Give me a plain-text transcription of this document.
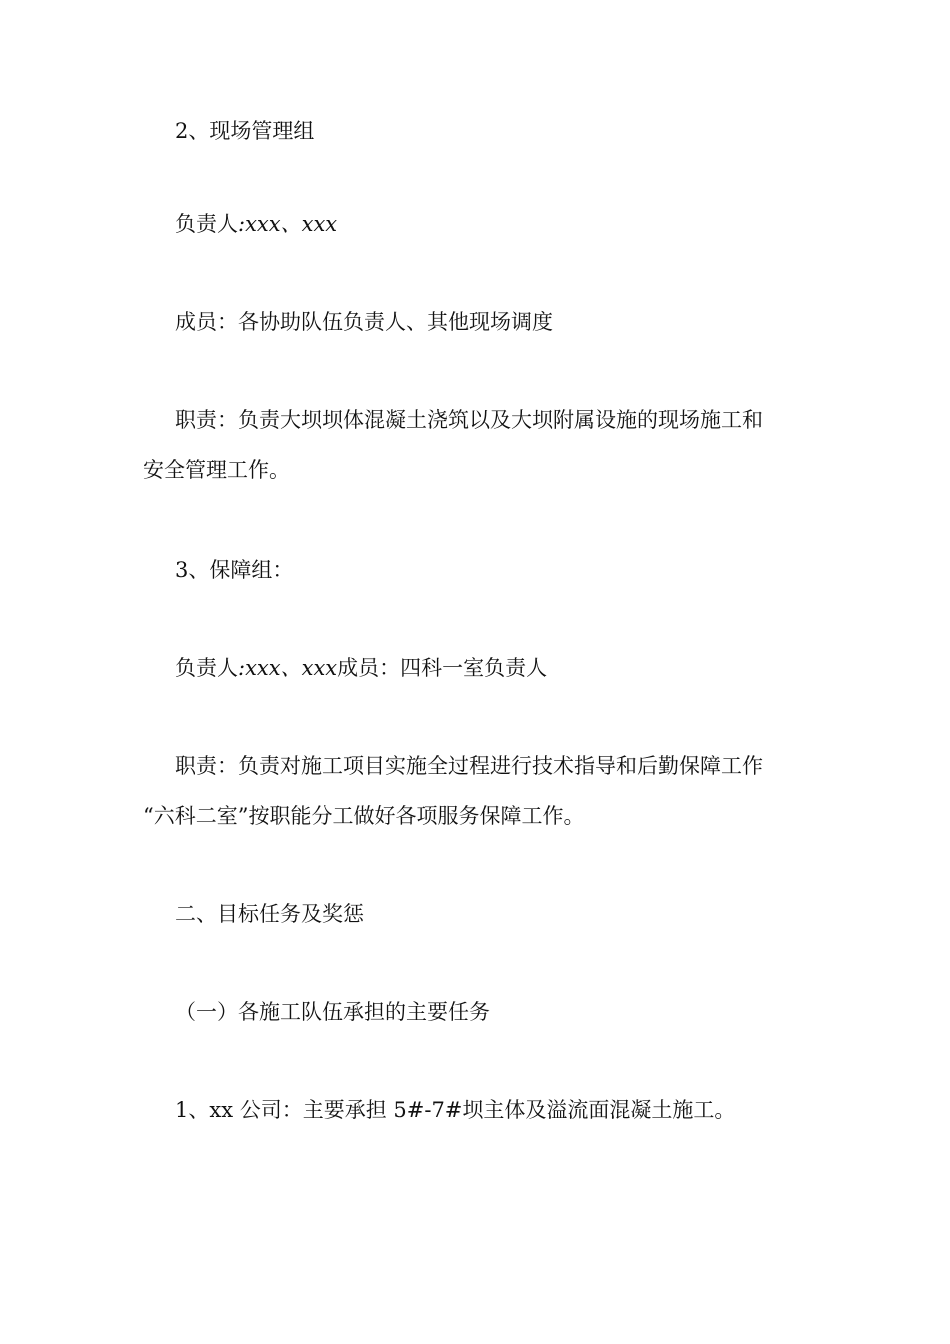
2、现场管理组
负责人:xxx、xxx
成员：各协助队伍负责人、其他现场调度
职责：负责大坝坝体混凝土浇筑以及大坝附属设施的现场施工和
安全管理工作。
3、保障组：
负责人:xxx、xxx成员：四科一室负责人
职责：负责对施工项目实施全过程进行技术指导和后勤保障工作
“六科二室”按职能分工做好各项服务保障工作。
二、目标任务及奖惩
（一）各施工队伍承担的主要任务
1、xx 公司：主要承担 5#-7#坝主体及溢流面混凝土施工。
